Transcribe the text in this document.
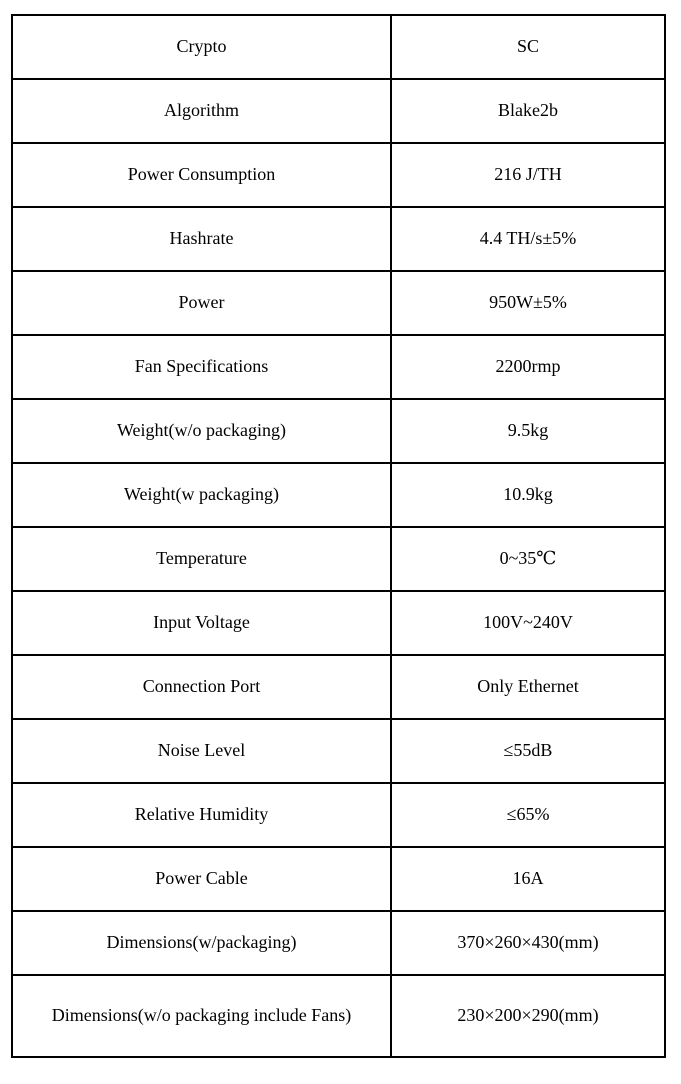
Crypto	SC
Algorithm	Blake2b
Power Consumption	216 J/TH
Hashrate	4.4 TH/s±5%
Power	950W±5%
Fan Specifications	2200rmp
Weight(w/o packaging)	9.5kg
Weight(w packaging)	10.9kg
Temperature	0~35℃
Input Voltage	100V~240V
Connection Port	Only Ethernet
Noise Level	≤55dB
Relative Humidity	≤65%
Power Cable	16A
Dimensions(w/packaging)	370×260×430(mm)
Dimensions(w/o packaging include Fans)	230×200×290(mm)
